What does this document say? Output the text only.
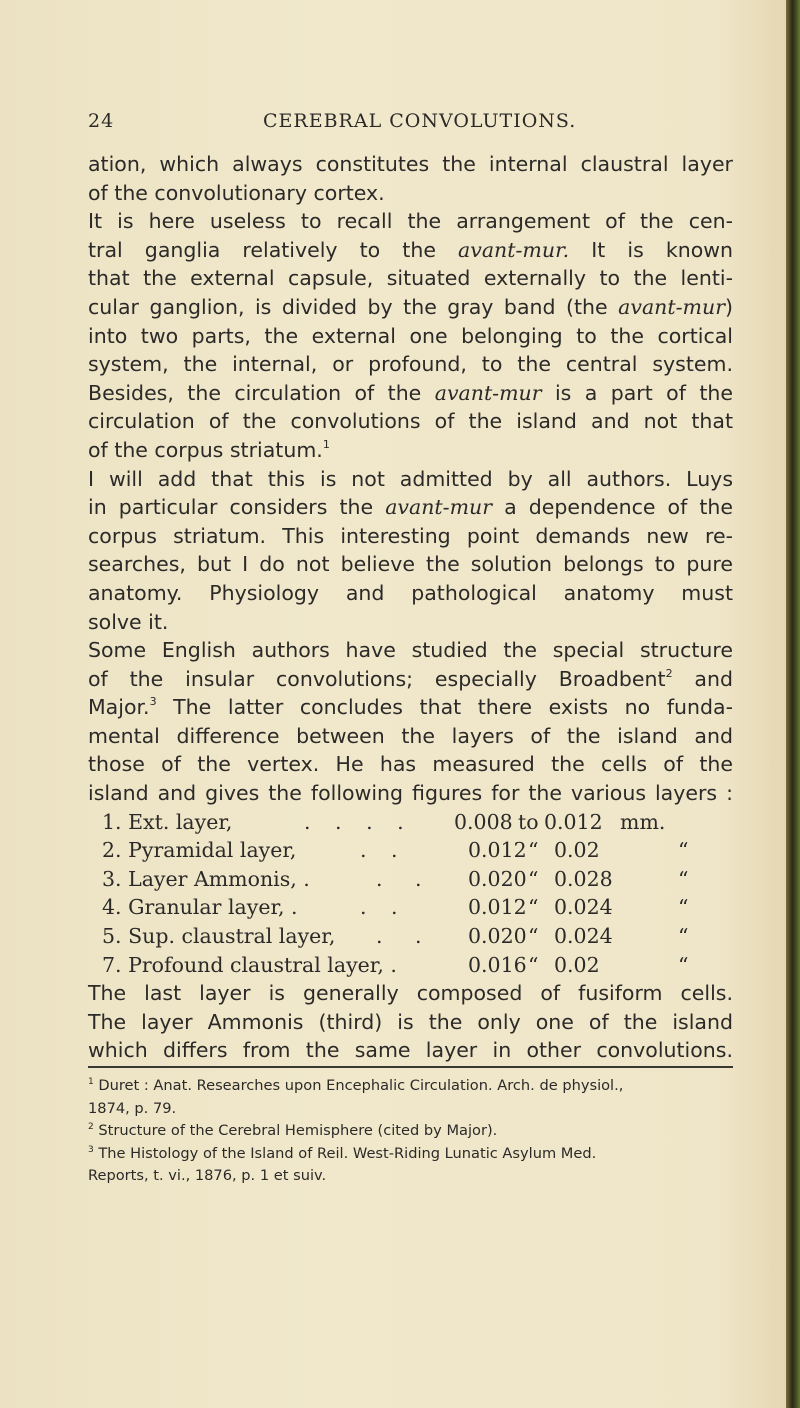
24	CEREBRAL CONVOLUTIONS.
ation, which always constitutes the internal claustral layer
of the convolutionary cortex.
It is here useless to recall the arrangement of the cen-
tral ganglia relatively to the avant-mur. It is known
that the external capsule, situated externally to the lenti-
cular ganglion, is divided by the gray band (the avant-mur)
into two parts, the external one belonging to the cortical
system, the internal, or profound, to the central system.
Besides, the circulation of the avant-mur is a part of the
circulation of the convolutions of the island and not that
of the corpus striatum.$^1$
I will add that this is not admitted by all authors. Luys
in particular considers the avant-mur a dependence of the
corpus striatum. This interesting point demands new re-
searches, but I do not believe the solution belongs to pure
anatomy. Physiology and pathological anatomy must
solve it.
Some English authors have studied the special structure
of the insular convolutions; especially Broadbent$^2$ and
Major.$^3$ The latter concludes that there exists no funda-
mental difference between the layers of the island and
those of the vertex. He has measured the cells of the
island and gives the following figures for the various layers :
1. Ext. layer,	. . . . 0.008 to 0.012 mm.
2. Pyramidal layer,	. .	0.012 “ 0.02	“
3. Layer Ammonis, .	. . 0.020 “ 0.028	“
4. Granular layer, .	. .	0.012 “ 0.024	“
5. Sup. claustral layer, . . 0.020 “ 0.024	“
7. Profound claustral layer, .	0.016 “ 0.02	“
The last layer is generally composed of fusiform cells.
The layer Ammonis (third) is the only one of the island
which differs from the same layer in other convolutions.
$^1$ Duret : Anat. Researches upon Encephalic Circulation. Arch. de physiol.,
1874, p. 79.
$^2$ Structure of the Cerebral Hemisphere (cited by Major).
$^3$ The Histology of the Island of Reil. West-Riding Lunatic Asylum Med.
Reports, t. vi., 1876, p. 1 et suiv.
